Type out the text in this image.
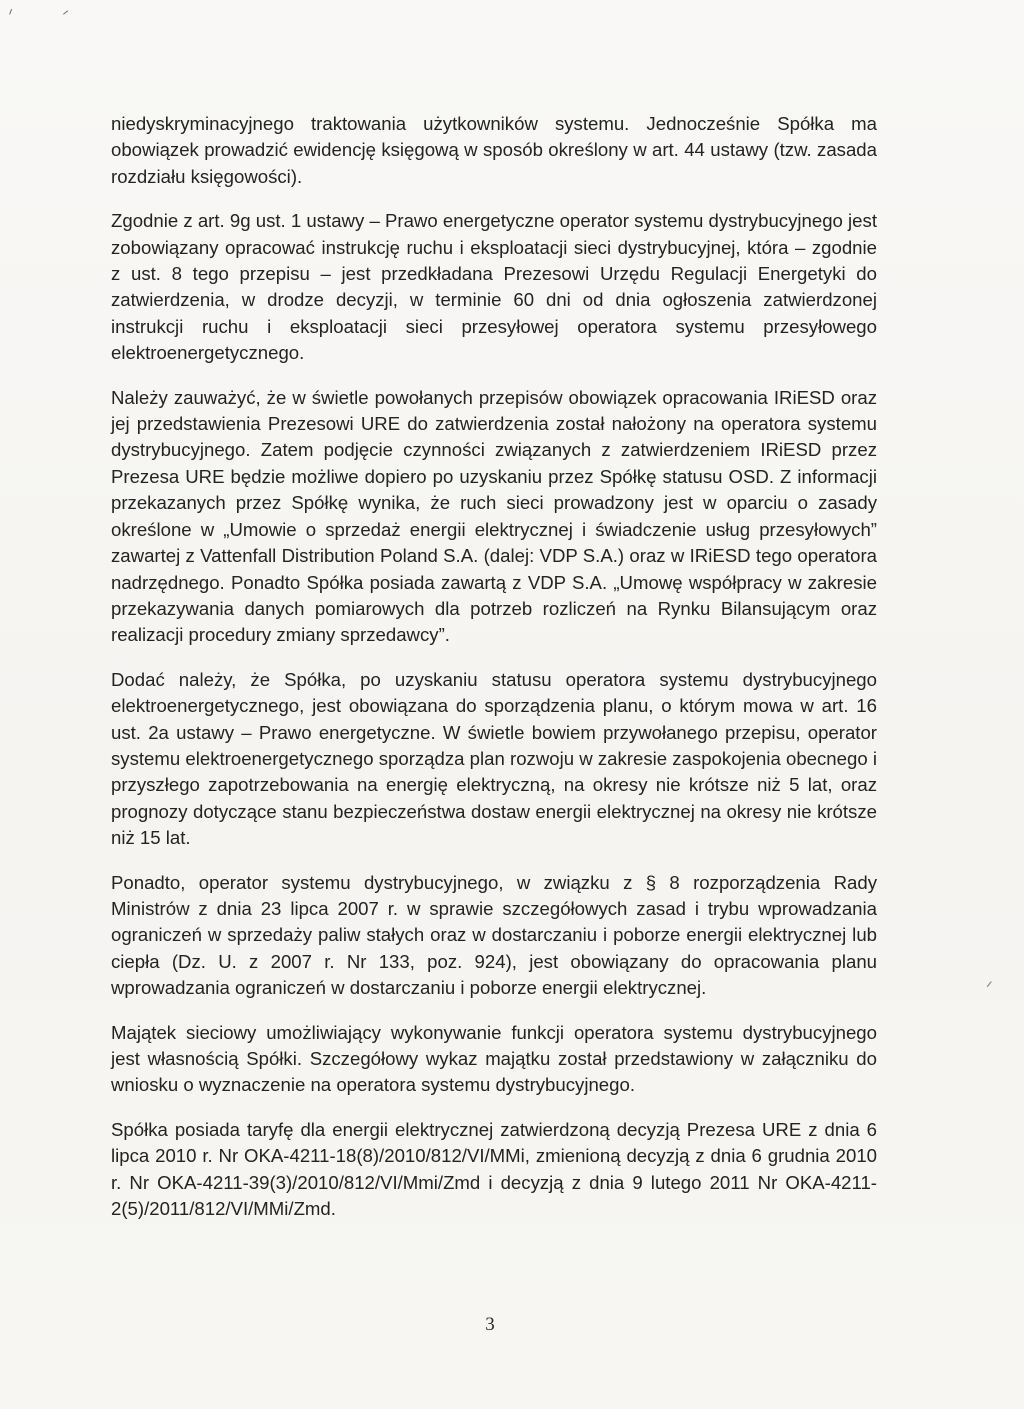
ᐟ	ᐟ
ᐟ

niedyskryminacyjnego traktowania użytkowników systemu. Jednocześnie Spółka ma obowiązek prowadzić ewidencję księgową w sposób określony w art. 44 ustawy (tzw. zasada rozdziału księgowości).

Zgodnie z art. 9g ust. 1 ustawy – Prawo energetyczne operator systemu dystrybucyjnego jest zobowiązany opracować instrukcję ruchu i eksploatacji sieci dystrybucyjnej, która – zgodnie z ust. 8 tego przepisu – jest przedkładana Prezesowi Urzędu Regulacji Energetyki do zatwierdzenia, w drodze decyzji, w terminie 60 dni od dnia ogłoszenia zatwierdzonej instrukcji ruchu i eksploatacji sieci przesyłowej operatora systemu przesyłowego elektroenergetycznego.

Należy zauważyć, że w świetle powołanych przepisów obowiązek opracowania IRiESD oraz jej przedstawienia Prezesowi URE do zatwierdzenia został nałożony na operatora systemu dystrybucyjnego. Zatem podjęcie czynności związanych z zatwierdzeniem IRiESD przez Prezesa URE będzie możliwe dopiero po uzyskaniu przez Spółkę statusu OSD. Z informacji przekazanych przez Spółkę wynika, że ruch sieci prowadzony jest w oparciu o zasady określone w „Umowie o sprzedaż energii elektrycznej i świadczenie usług przesyłowych” zawartej z Vattenfall Distribution Poland S.A. (dalej: VDP S.A.) oraz w IRiESD tego operatora nadrzędnego. Ponadto Spółka posiada zawartą z VDP S.A. „Umowę współpracy w zakresie przekazywania danych pomiarowych dla potrzeb rozliczeń na Rynku Bilansującym oraz realizacji procedury zmiany sprzedawcy”.

Dodać należy, że Spółka, po uzyskaniu statusu operatora systemu dystrybucyjnego elektroenergetycznego, jest obowiązana do sporządzenia planu, o którym mowa w art. 16 ust. 2a ustawy – Prawo energetyczne. W świetle bowiem przywołanego przepisu, operator systemu elektroenergetycznego sporządza plan rozwoju w zakresie zaspokojenia obecnego i przyszłego zapotrzebowania na energię elektryczną, na okresy nie krótsze niż 5 lat, oraz prognozy dotyczące stanu bezpieczeństwa dostaw energii elektrycznej na okresy nie krótsze niż 15 lat.

Ponadto, operator systemu dystrybucyjnego, w związku z § 8 rozporządzenia Rady Ministrów z dnia 23 lipca 2007 r. w sprawie szczegółowych zasad i trybu wprowadzania ograniczeń w sprzedaży paliw stałych oraz w dostarczaniu i poborze energii elektrycznej lub ciepła (Dz. U. z 2007 r. Nr 133, poz. 924), jest obowiązany do opracowania planu wprowadzania ograniczeń w dostarczaniu i poborze energii elektrycznej.

Majątek sieciowy umożliwiający wykonywanie funkcji operatora systemu dystrybucyjnego jest własnością Spółki. Szczegółowy wykaz majątku został przedstawiony w załączniku do wniosku o wyznaczenie na operatora systemu dystrybucyjnego.

Spółka posiada taryfę dla energii elektrycznej zatwierdzoną decyzją Prezesa URE z dnia 6 lipca 2010 r. Nr OKA-4211-18(8)/2010/812/VI/MMi, zmienioną decyzją z dnia 6 grudnia 2010 r. Nr OKA-4211-39(3)/2010/812/VI/Mmi/Zmd i decyzją z dnia 9 lutego 2011 Nr OKA-4211-2(5)/2011/812/VI/MMi/Zmd.

3
